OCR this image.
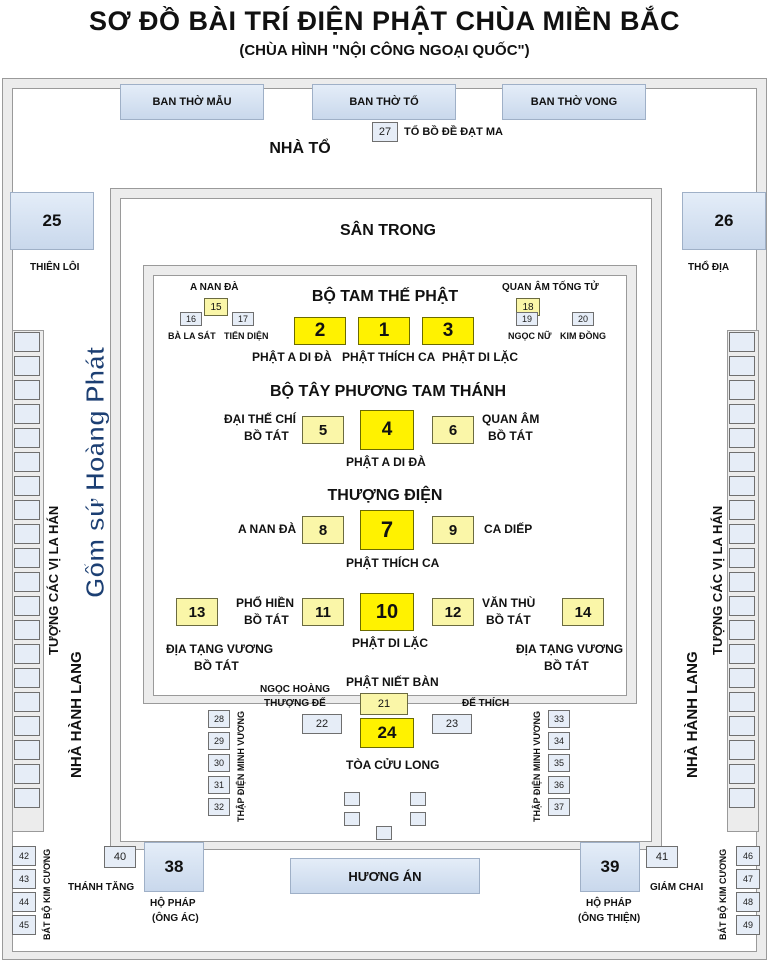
SƠ ĐỒ BÀI TRÍ ĐIỆN PHẬT CHÙA MIỀN BẮC
(CHÙA HÌNH "NỘI CÔNG NGOẠI QUỐC")
BAN THỜ MẪU	BAN THỜ TỔ	BAN THỜ VONG
27	TỔ BỒ ĐỀ ĐẠT MA
NHÀ TỔ
25	26
THIÊN LÔI	THỔ ĐỊA
SÂN TRONG
A NAN ĐÀ
15
16	17
BÀ LA SÁT TIẾN DIỆN
QUAN ÂM TỐNG TỬ
18
19	20
NGỌC NỮ KIM ĐỒNG
BỘ TAM THẾ PHẬT
2	1	3
PHẬT A DI ĐÀ PHẬT THÍCH CA PHẬT DI LẶC
BỘ TÂY PHƯƠNG TAM THÁNH
5	4	6
ĐẠI THẾ CHÍ
BỒ TÁT
QUAN ÂM
BỒ TÁT
PHẬT A DI ĐÀ
THƯỢNG ĐIỆN
8	7	9
A NAN ĐÀ	CA DIẾP
PHẬT THÍCH CA
13	11	10	12	14
PHỔ HIỀN
BỒ TÁT
VĂN THÙ
BỒ TÁT
PHẬT DI LẶC
ĐỊA TẠNG VƯƠNG
BỒ TÁT
ĐỊA TẠNG VƯƠNG
BỒ TÁT
PHẬT NIẾT BÀN
21
24
TÒA CỬU LONG
NGỌC HOÀNG
THƯỢNG ĐẾ
22
ĐẾ THÍCH
23
28
29
30
31
32	THẬP ĐIỆN MINH VƯƠNG	33
34
35
36
37
THẬP ĐIỆN MINH VƯƠNG
TƯỢNG CÁC VỊ LA HÁN
NHÀ HÀNH LANG
TƯỢNG CÁC VỊ LA HÁN
NHÀ HÀNH LANG
Gốm sứ Hoàng Phát
HƯƠNG ÁN
40	38
THÁNH TĂNG
HỘ PHÁP
(ÔNG ÁC)
39	41
GIÁM CHAI
HỘ PHÁP
(ÔNG THIỆN)
42
43
44
45	BÁT BỘ KIM CƯƠNG	46
47
48
49
BÁT BỘ KIM CƯƠNG
